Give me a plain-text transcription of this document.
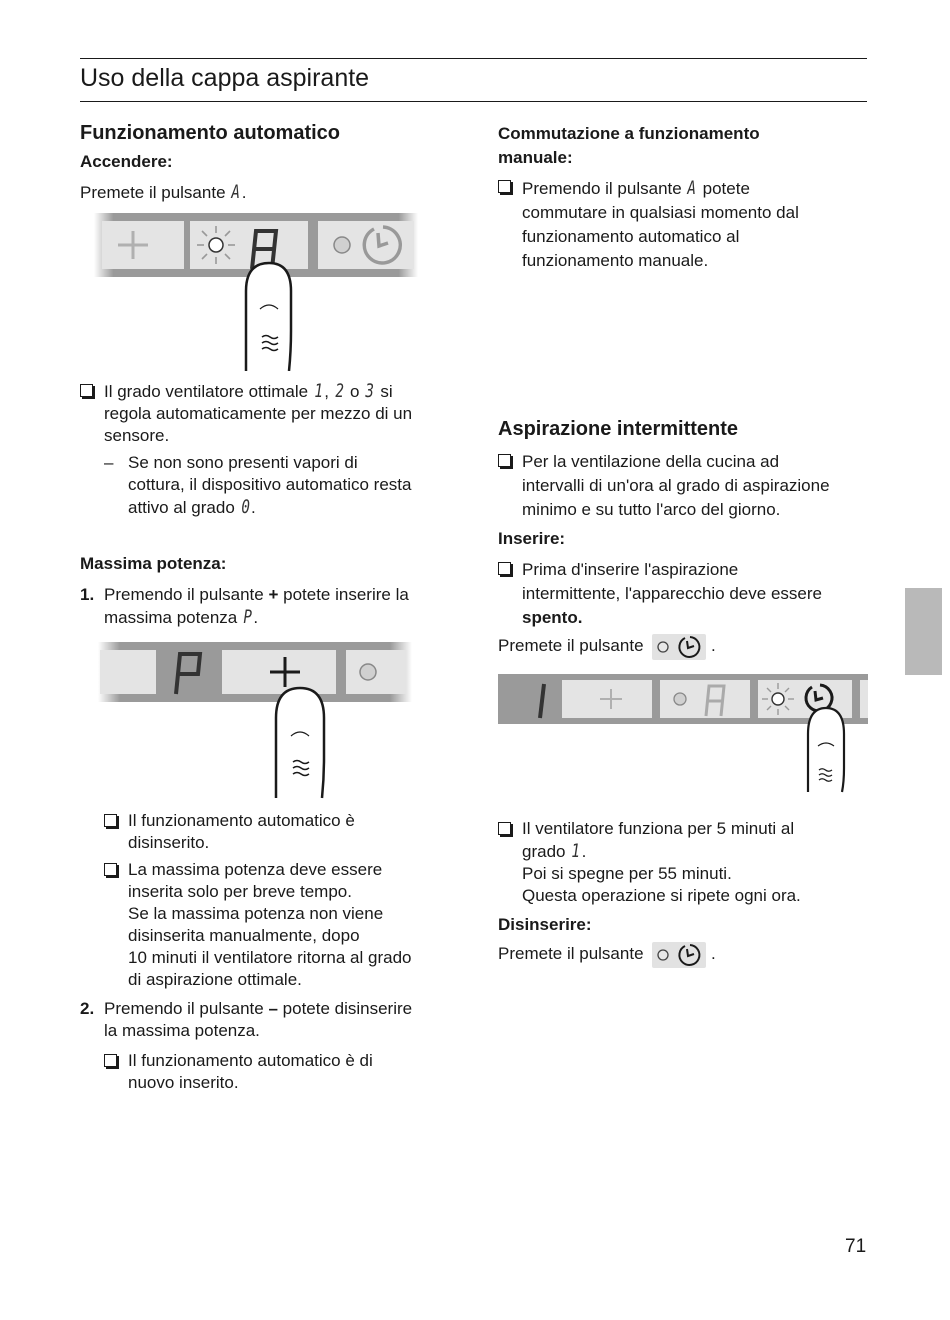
Uso della cappa aspirante
Funzionamento automatico
Accendere:
Premete il pulsante A.
Il grado ventilatore ottimale 1, 2 o 3 si
regola automaticamente per mezzo di un
sensore.
– Se non sono presenti vapori di
cottura, il dispositivo automatico resta
attivo al grado 0.
Massima potenza:
1. Premendo il pulsante + potete inserire la
massima potenza P.
Il funzionamento automatico è
disinserito.
La massima potenza deve essere
inserita solo per breve tempo.
Se la massima potenza non viene
disinserita manualmente, dopo
10 minuti il ventilatore ritorna al grado
di aspirazione ottimale.
2. Premendo il pulsante – potete disinserire
la massima potenza.
Il funzionamento automatico è di
nuovo inserito.
Commutazione a funzionamento
manuale:
Premendo il pulsante A potete
commutare in qualsiasi momento dal
funzionamento automatico al
funzionamento manuale.
Aspirazione intermittente
Per la ventilazione della cucina ad
intervalli di un'ora al grado di aspirazione
minimo e su tutto l'arco del giorno.
Inserire:
Prima d'inserire l'aspirazione
intermittente, l'apparecchio deve essere
spento.
Premete il pulsante	.
Il ventilatore funziona per 5 minuti al
grado 1.
Poi si spegne per 55 minuti.
Questa operazione si ripete ogni ora.
Disinserire:
Premete il pulsante	.
71
